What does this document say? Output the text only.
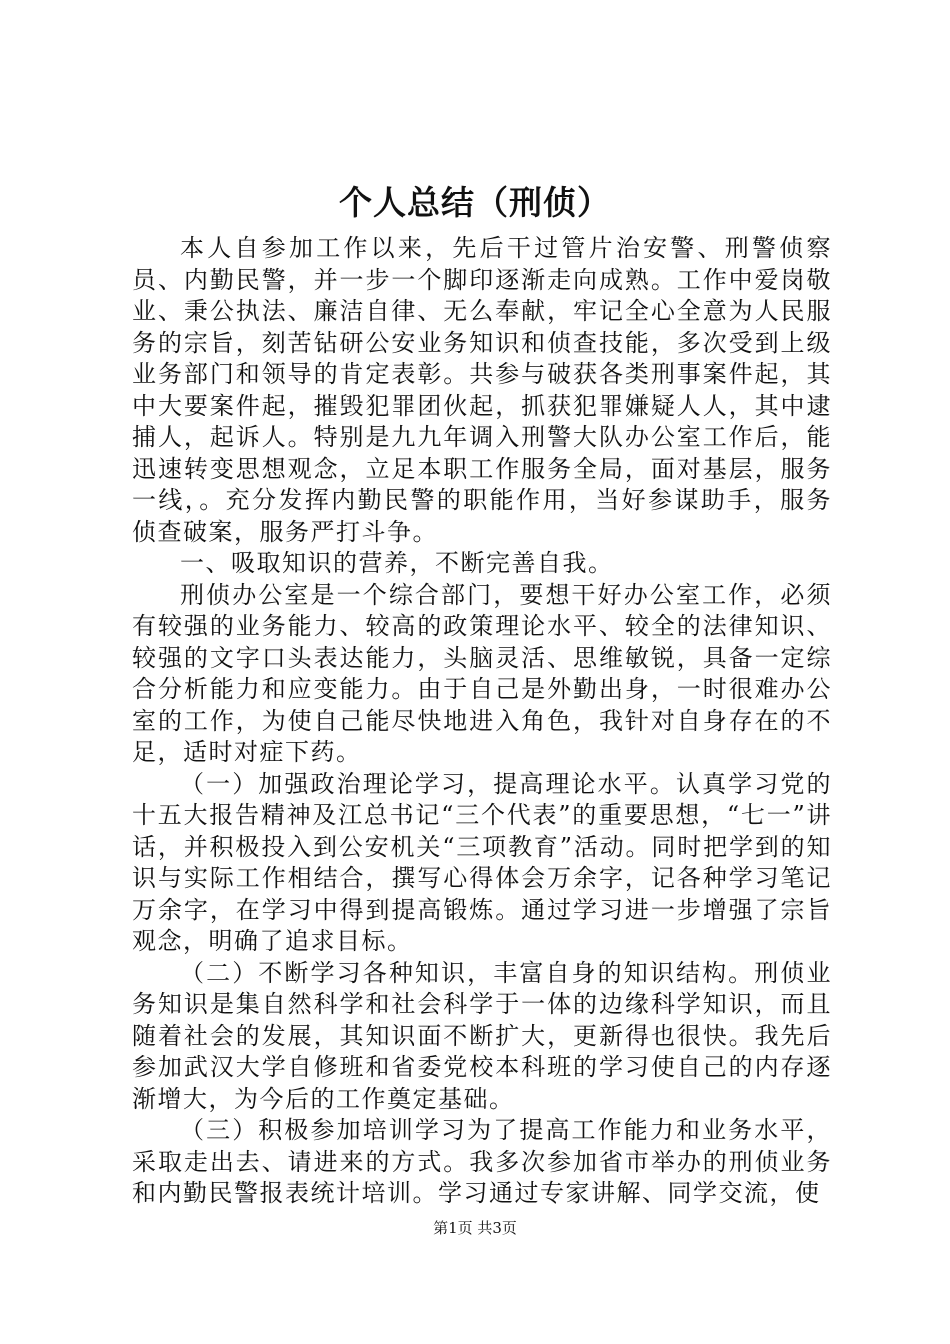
个人总结（刑侦）

本人自参加工作以来，先后干过管片治安警、刑警侦察员、内勤民警，并一步一个脚印逐渐走向成熟。工作中爱岗敬业、秉公执法、廉洁自律、无么奉献，牢记全心全意为人民服务的宗旨，刻苦钻研公安业务知识和侦查技能，多次受到上级业务部门和领导的肯定表彰。共参与破获各类刑事案件起，其中大要案件起，摧毁犯罪团伙起，抓获犯罪嫌疑人人，其中逮捕人，起诉人。特别是九九年调入刑警大队办公室工作后，能迅速转变思想观念，立足本职工作服务全局，面对基层，服务一线，。充分发挥内勤民警的职能作用，当好参谋助手，服务侦查破案，服务严打斗争。

一、吸取知识的营养，不断完善自我。

刑侦办公室是一个综合部门，要想干好办公室工作，必须有较强的业务能力、较高的政策理论水平、较全的法律知识、较强的文字口头表达能力，头脑灵活、思维敏锐，具备一定综合分析能力和应变能力。由于自己是外勤出身，一时很难办公室的工作，为使自己能尽快地进入角色，我针对自身存在的不足，适时对症下药。

（一）加强政治理论学习，提高理论水平。认真学习党的十五大报告精神及江总书记“三个代表”的重要思想，“七一”讲话，并积极投入到公安机关“三项教育”活动。同时把学到的知识与实际工作相结合，撰写心得体会万余字，记各种学习笔记万余字，在学习中得到提高锻炼。通过学习进一步增强了宗旨观念，明确了追求目标。

（二）不断学习各种知识，丰富自身的知识结构。刑侦业务知识是集自然科学和社会科学于一体的边缘科学知识，而且随着社会的发展，其知识面不断扩大，更新得也很快。我先后参加武汉大学自修班和省委党校本科班的学习使自己的内存逐渐增大，为今后的工作奠定基础。

（三）积极参加培训学习为了提高工作能力和业务水平，采取走出去、请进来的方式。我多次参加省市举办的刑侦业务和内勤民警报表统计培训。学习通过专家讲解、同学交流，使

第1页 共3页
